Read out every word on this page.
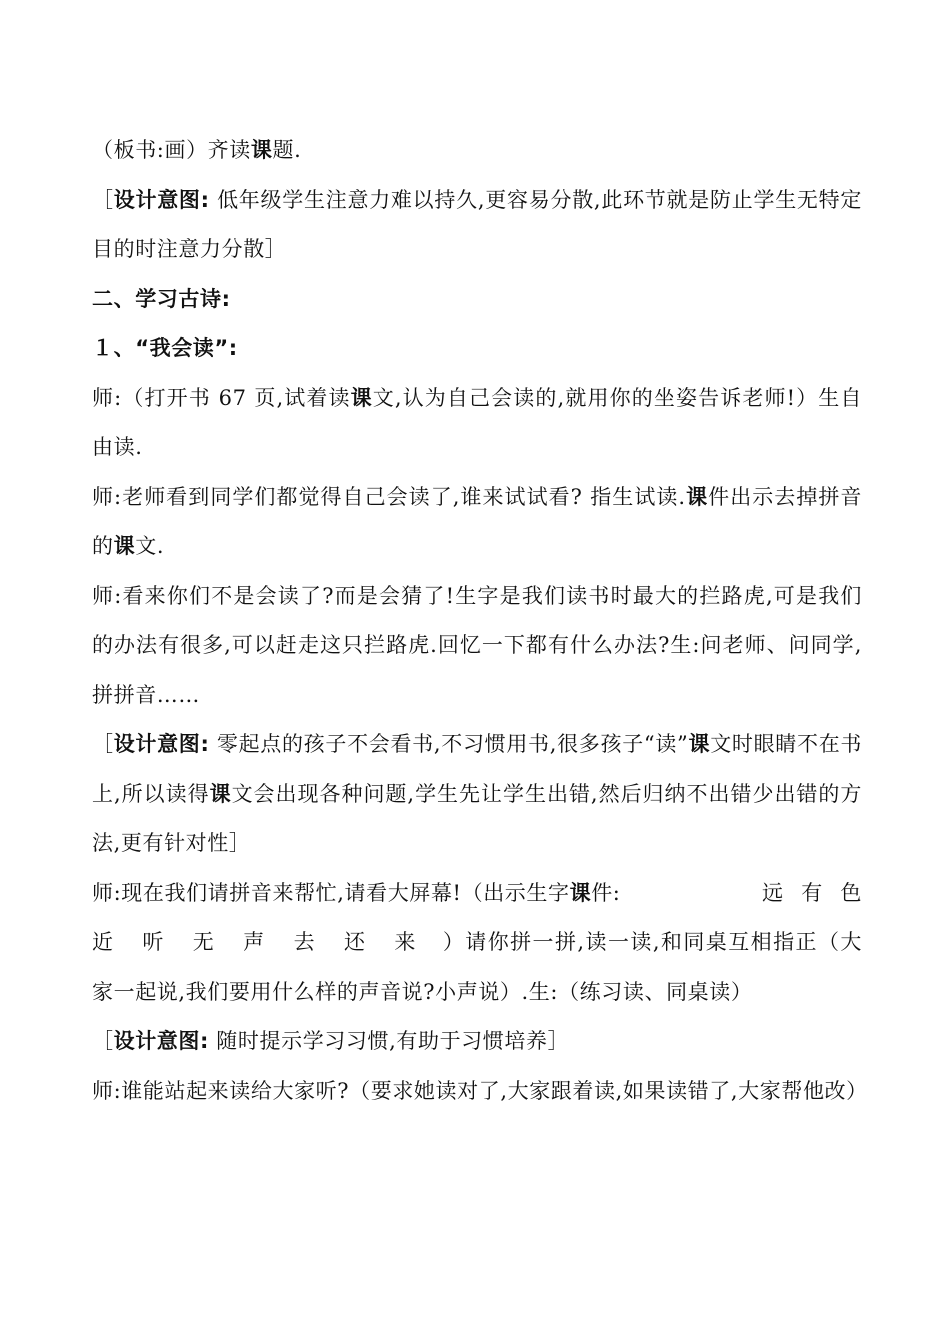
（板书:画）齐读课题.

［设计意图: 低年级学生注意力难以持久,更容易分散,此环节就是防止学生无特定目的时注意力分散］

二、学习古诗:

１、“我会读”:

师:（打开书 67 页,试着读课文,认为自己会读的,就用你的坐姿告诉老师!）生自由读.

师:老师看到同学们都觉得自己会读了,谁来试试看? 指生试读.课件出示去掉拼音的课文.

师:看来你们不是会读了?而是会猜了!生字是我们读书时最大的拦路虎,可是我们的办法有很多,可以赶走这只拦路虎.回忆一下都有什么办法?生:问老师、问同学,拼拼音……

［设计意图: 零起点的孩子不会看书,不习惯用书,很多孩子“读”课文时眼睛不在书上,所以读得课文会出现各种问题,学生先让学生出错,然后归纳不出错少出错的方法,更有针对性］

师:现在我们请拼音来帮忙,请看大屏幕!（出示生字课件:	远 有 色

近 听 无 声 去 还 来 ）请你拼一拼,读一读,和同桌互相指正（大家一起说,我们要用什么样的声音说?小声说）.生:（练习读、同桌读）

［设计意图: 随时提示学习习惯,有助于习惯培养］

师:谁能站起来读给大家听?（要求她读对了,大家跟着读,如果读错了,大家帮他改）
